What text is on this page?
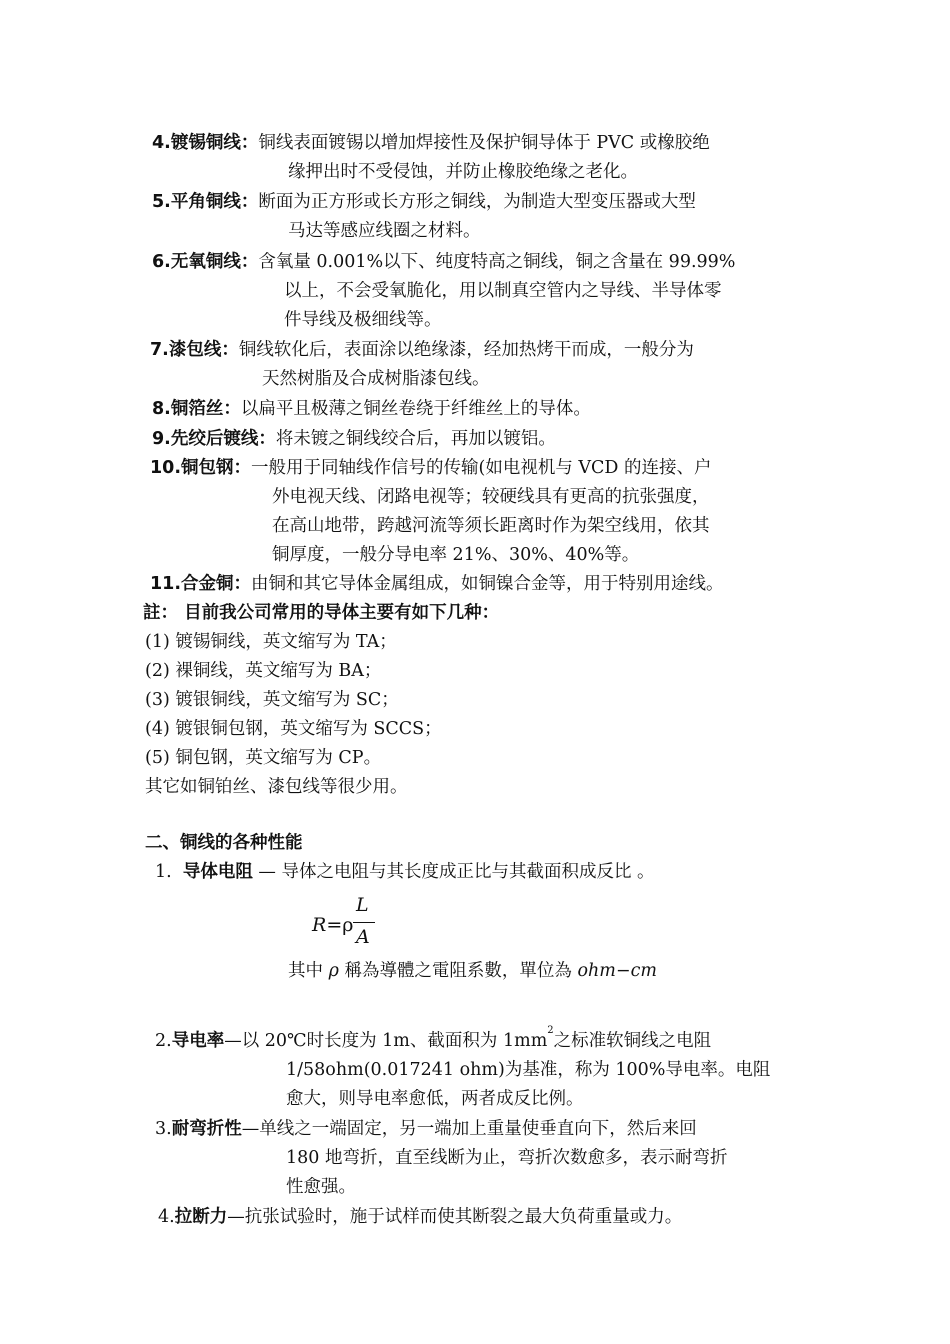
4.镀锡铜线：铜线表面镀锡以增加焊接性及保护铜导体于 PVC 或橡胶绝
缘押出时不受侵蚀，并防止橡胶绝缘之老化。
5.平角铜线：断面为正方形或长方形之铜线，为制造大型变压器或大型
马达等感应线圈之材料。
6.无氧铜线：含氧量 0.001%以下、纯度特高之铜线，铜之含量在 99.99%
以上，不会受氧脆化，用以制真空管内之导线、半导体零
件导线及极细线等。
7.漆包线：铜线软化后，表面涂以绝缘漆，经加热烤干而成，一般分为
天然树脂及合成树脂漆包线。
8.铜箔丝：以扁平且极薄之铜丝卷绕于纤维丝上的导体。
9.先绞后镀线：将未镀之铜线绞合后，再加以镀铝。
10.铜包钢：一般用于同轴线作信号的传输(如电视机与 VCD 的连接、户
外电视天线、闭路电视等；较硬线具有更高的抗张强度，
在高山地带，跨越河流等须长距离时作为架空线用，依其
铜厚度，一般分导电率 21%、30%、40%等。
11.合金铜：由铜和其它导体金属组成，如铜镍合金等，用于特别用途线。
註： 目前我公司常用的导体主要有如下几种：
(1) 镀锡铜线，英文缩写为 TA；
(2) 裸铜线，英文缩写为 BA；
(3) 镀银铜线，英文缩写为 SC；
(4) 镀银铜包钢，英文缩写为 SCCS；
(5) 铜包钢，英文缩写为 CP。
其它如铜铂丝、漆包线等很少用。
二、铜线的各种性能
1. 导体电阻 — 导体之电阻与其长度成正比与其截面积成反比 。
R=ρ
L
A
其中 ρ 稱為導體之電阻系數，單位為 ohm−cm
2.导电率—以 20℃时长度为 1m、截面积为 $1mm^2$之标准软铜线之电阻
1/58ohm(0.017241 ohm)为基准，称为 100%导电率。电阻
愈大，则导电率愈低，两者成反比例。
3.耐弯折性—单线之一端固定，另一端加上重量使垂直向下，然后来回
180 地弯折，直至线断为止，弯折次数愈多，表示耐弯折
性愈强。
4.拉断力—抗张试验时，施于试样而使其断裂之最大负荷重量或力。
